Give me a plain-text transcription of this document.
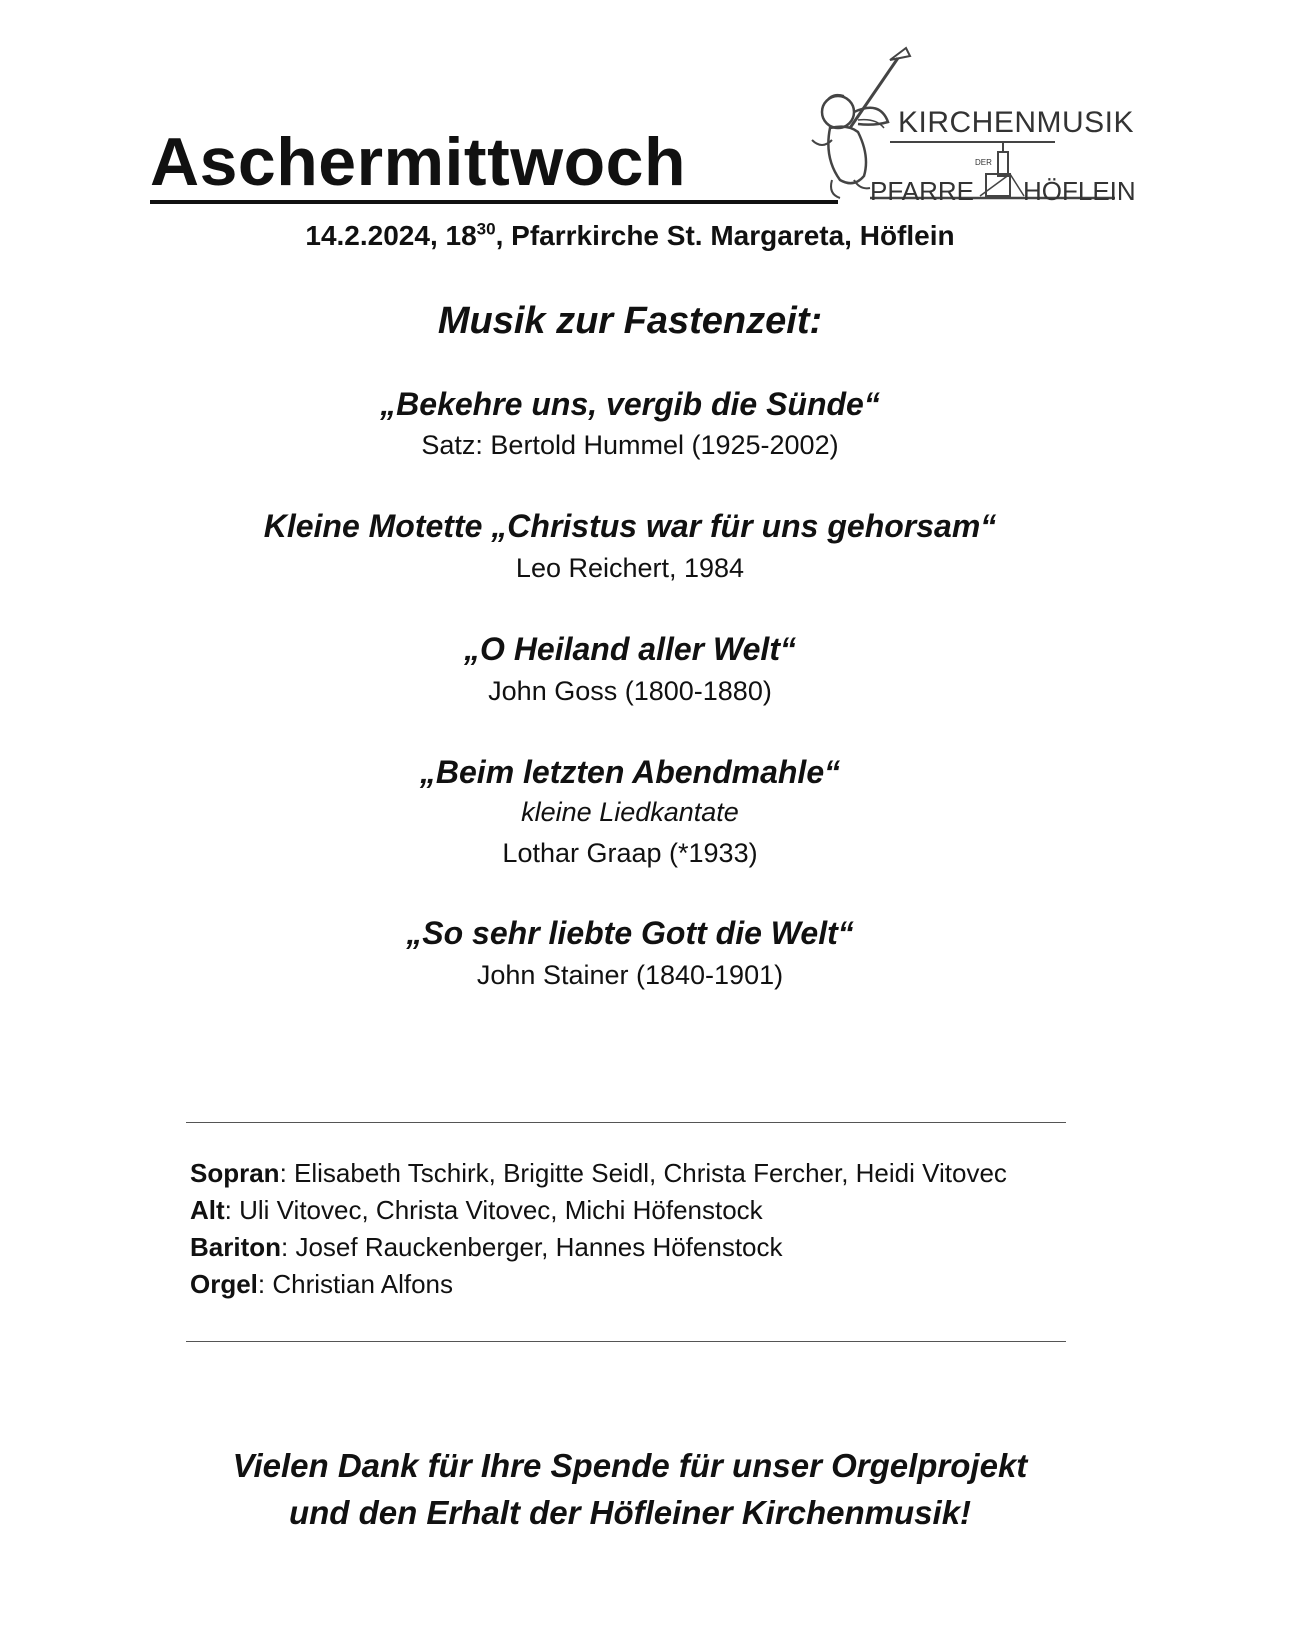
Aschermittwoch
KIRCHENMUSIK
DER
PFARRE HÖFLEIN
14.2.2024, $18^{30}$, Pfarrkirche St. Margareta, Höflein
Musik zur Fastenzeit:
„Bekehre uns, vergib die Sünde“
Satz: Bertold Hummel (1925-2002)
Kleine Motette „Christus war für uns gehorsam“
Leo Reichert, 1984
„O Heiland aller Welt“
John Goss (1800-1880)
„Beim letzten Abendmahle“
kleine Liedkantate
Lothar Graap (*1933)
„So sehr liebte Gott die Welt“
John Stainer (1840-1901)
Sopran: Elisabeth Tschirk, Brigitte Seidl, Christa Fercher, Heidi Vitovec
Alt: Uli Vitovec, Christa Vitovec, Michi Höfenstock
Bariton: Josef Rauckenberger, Hannes Höfenstock
Orgel: Christian Alfons
Vielen Dank für Ihre Spende für unser Orgelprojekt
und den Erhalt der Höfleiner Kirchenmusik!
